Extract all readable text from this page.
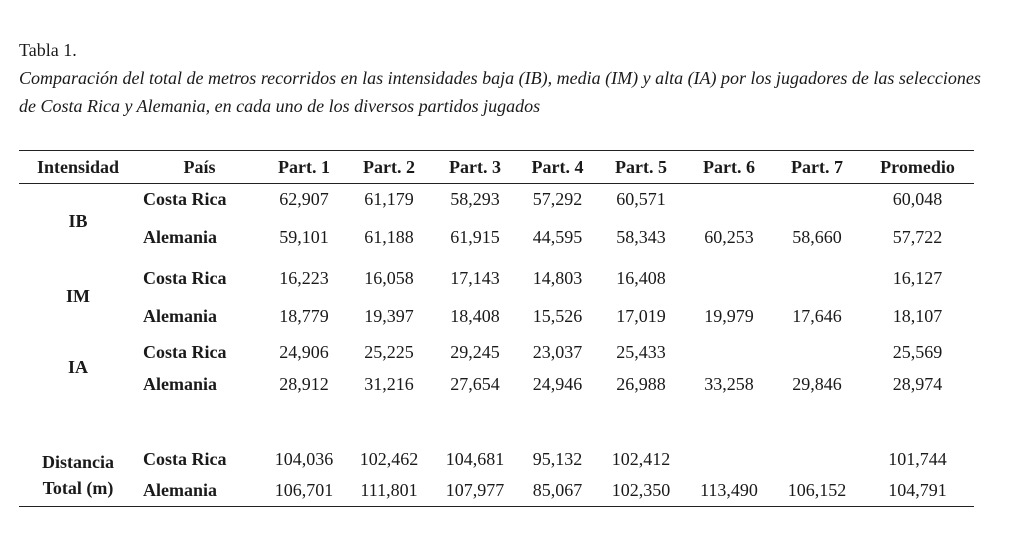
Tabla 1.
Comparación del total de metros recorridos en las intensidades baja (IB), media (IM) y alta (IA) por los jugadores de las selecciones de Costa Rica y Alemania, en cada uno de los diversos partidos jugados
Intensidad	País	Part. 1	Part. 2	Part. 3	Part. 4	Part. 5	Part. 6	Part. 7	Promedio
IB	Costa Rica	62,907	61,179	58,293	57,292	60,571			60,048
	Alemania	59,101	61,188	61,915	44,595	58,343	60,253	58,660	57,722
IM	Costa Rica	16,223	16,058	17,143	14,803	16,408			16,127
	Alemania	18,779	19,397	18,408	15,526	17,019	19,979	17,646	18,107
IA	Costa Rica	24,906	25,225	29,245	23,037	25,433			25,569
	Alemania	28,912	31,216	27,654	24,946	26,988	33,258	29,846	28,974

Distancia
Total (m)	Costa Rica	104,036	102,462	104,681	95,132	102,412			101,744
	Alemania	106,701	111,801	107,977	85,067	102,350	113,490	106,152	104,791
